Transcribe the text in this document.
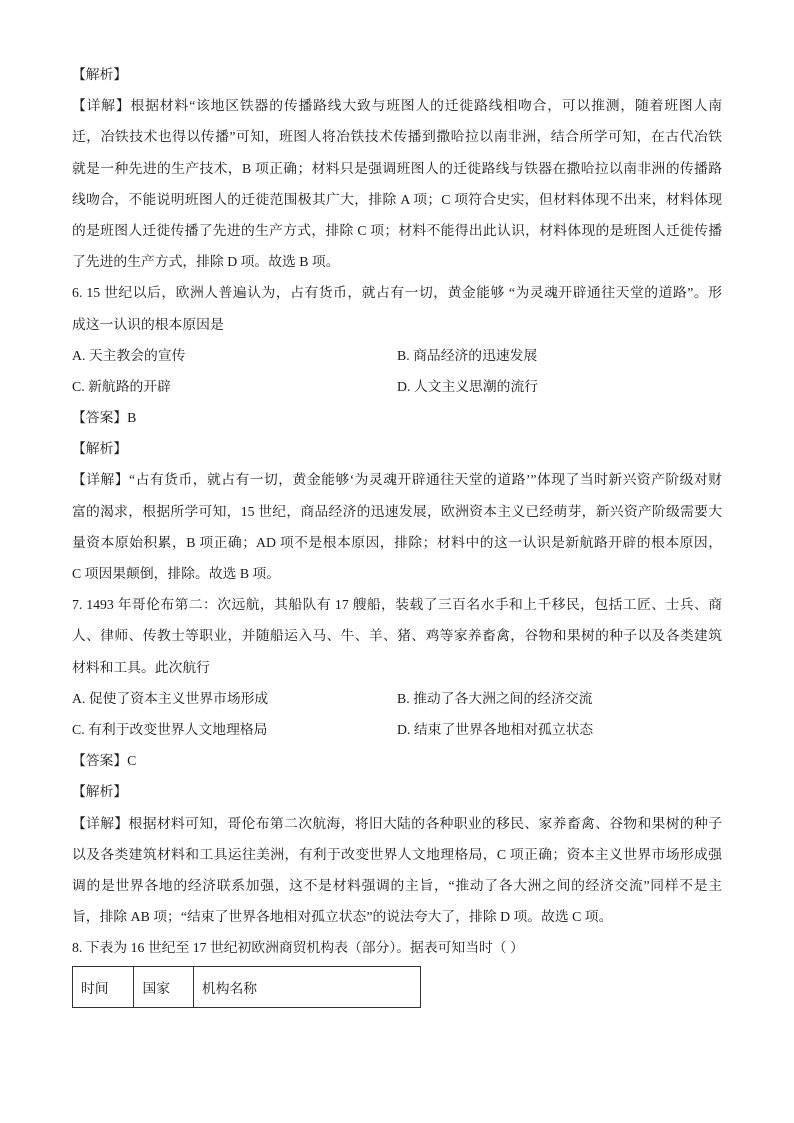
【解析】
【详解】根据材料“该地区铁器的传播路线大致与班图人的迁徙路线相吻合，可以推测，随着班图人南
迁，冶铁技术也得以传播”可知，班图人将冶铁技术传播到撒哈拉以南非洲，结合所学可知，在古代冶铁
就是一种先进的生产技术，B 项正确；材料只是强调班图人的迁徙路线与铁器在撒哈拉以南非洲的传播路
线吻合，不能说明班图人的迁徙范围极其广大，排除 A 项；C 项符合史实，但材料体现不出来，材料体现
的是班图人迁徙传播了先进的生产方式，排除 C 项；材料不能得出此认识，材料体现的是班图人迁徙传播
了先进的生产方式，排除 D 项。故选 B 项。
6. 15 世纪以后，欧洲人普遍认为，占有货币，就占有一切，黄金能够 “为灵魂开辟通往天堂的道路”。形
成这一认识的根本原因是
A. 天主教会的宣传	B. 商品经济的迅速发展
C. 新航路的开辟	D. 人文主义思潮的流行
【答案】B
【解析】
【详解】“占有货币，就占有一切，黄金能够‘为灵魂开辟通往天堂的道路’”体现了当时新兴资产阶级对财
富的渴求，根据所学可知，15 世纪，商品经济的迅速发展，欧洲资本主义已经萌芽，新兴资产阶级需要大
量资本原始积累，B 项正确；AD 项不是根本原因，排除；材料中的这一认识是新航路开辟的根本原因，
C 项因果颠倒，排除。故选 B 项。
7. 1493 年哥伦布第二：次远航，其船队有 17 艘船，装载了三百名水手和上千移民，包括工匠、士兵、商
人、律师、传教士等职业，并随船运入马、牛、羊、猪、鸡等家养畜禽，谷物和果树的种子以及各类建筑
材料和工具。此次航行
A. 促使了资本主义世界市场形成	B. 推动了各大洲之间的经济交流
C. 有利于改变世界人文地理格局	D. 结束了世界各地相对孤立状态
【答案】C
【解析】
【详解】根据材料可知，哥伦布第二次航海，将旧大陆的各种职业的移民、家养畜禽、谷物和果树的种子
以及各类建筑材料和工具运往美洲，有利于改变世界人文地理格局，C 项正确；资本主义世界市场形成强
调的是世界各地的经济联系加强，这不是材料强调的主旨，“推动了各大洲之间的经济交流”同样不是主
旨，排除 AB 项；“结束了世界各地相对孤立状态”的说法夸大了，排除 D 项。故选 C 项。
8. 下表为 16 世纪至 17 世纪初欧洲商贸机构表（部分）。据表可知当时（ ）
时间	国家	机构名称
